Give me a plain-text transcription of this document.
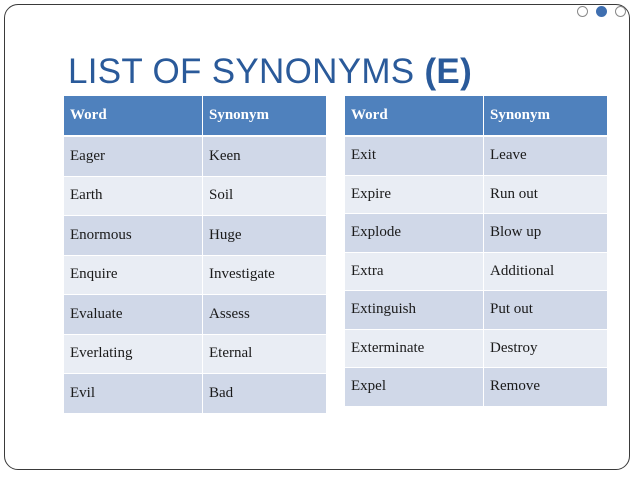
LIST OF SYNONYMS (E)
Word	Synonym
Eager	Keen
Earth	Soil
Enormous	Huge
Enquire	Investigate
Evaluate	Assess
Everlating	Eternal
Evil	Bad
Word	Synonym
Exit	Leave
Expire	Run out
Explode	Blow up
Extra	Additional
Extinguish	Put out
Exterminate	Destroy
Expel	Remove
